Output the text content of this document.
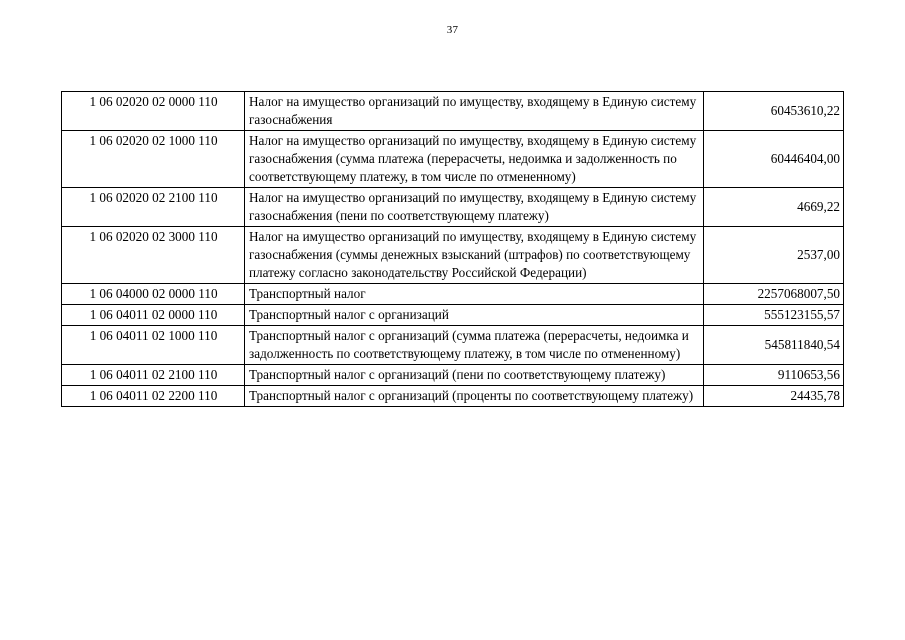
37
1 06 02020 02 0000 110	Налог на имущество организаций по имуществу, входящему в Единую систему газоснабжения	60453610,22
1 06 02020 02 1000 110	Налог на имущество организаций по имуществу, входящему в Единую систему газоснабжения (сумма платежа (перерасчеты, недоимка и задолженность по соответствующему платежу, в том числе по отмененному)	60446404,00
1 06 02020 02 2100 110	Налог на имущество организаций по имуществу, входящему в Единую систему газоснабжения (пени по соответствующему платежу)	4669,22
1 06 02020 02 3000 110	Налог на имущество организаций по имуществу, входящему в Единую систему газоснабжения (суммы денежных взысканий (штрафов) по соответствующему платежу согласно законодательству Российской Федерации)	2537,00
1 06 04000 02 0000 110	Транспортный налог	2257068007,50
1 06 04011 02 0000 110	Транспортный налог с организаций	555123155,57
1 06 04011 02 1000 110	Транспортный налог с организаций (сумма платежа (перерасчеты, недоимка и задолженность по соответствующему платежу, в том числе по отмененному)	545811840,54
1 06 04011 02 2100 110	Транспортный налог с организаций (пени по соответствующему платежу)	9110653,56
1 06 04011 02 2200 110	Транспортный налог с организаций (проценты по соответствующему платежу)	24435,78
